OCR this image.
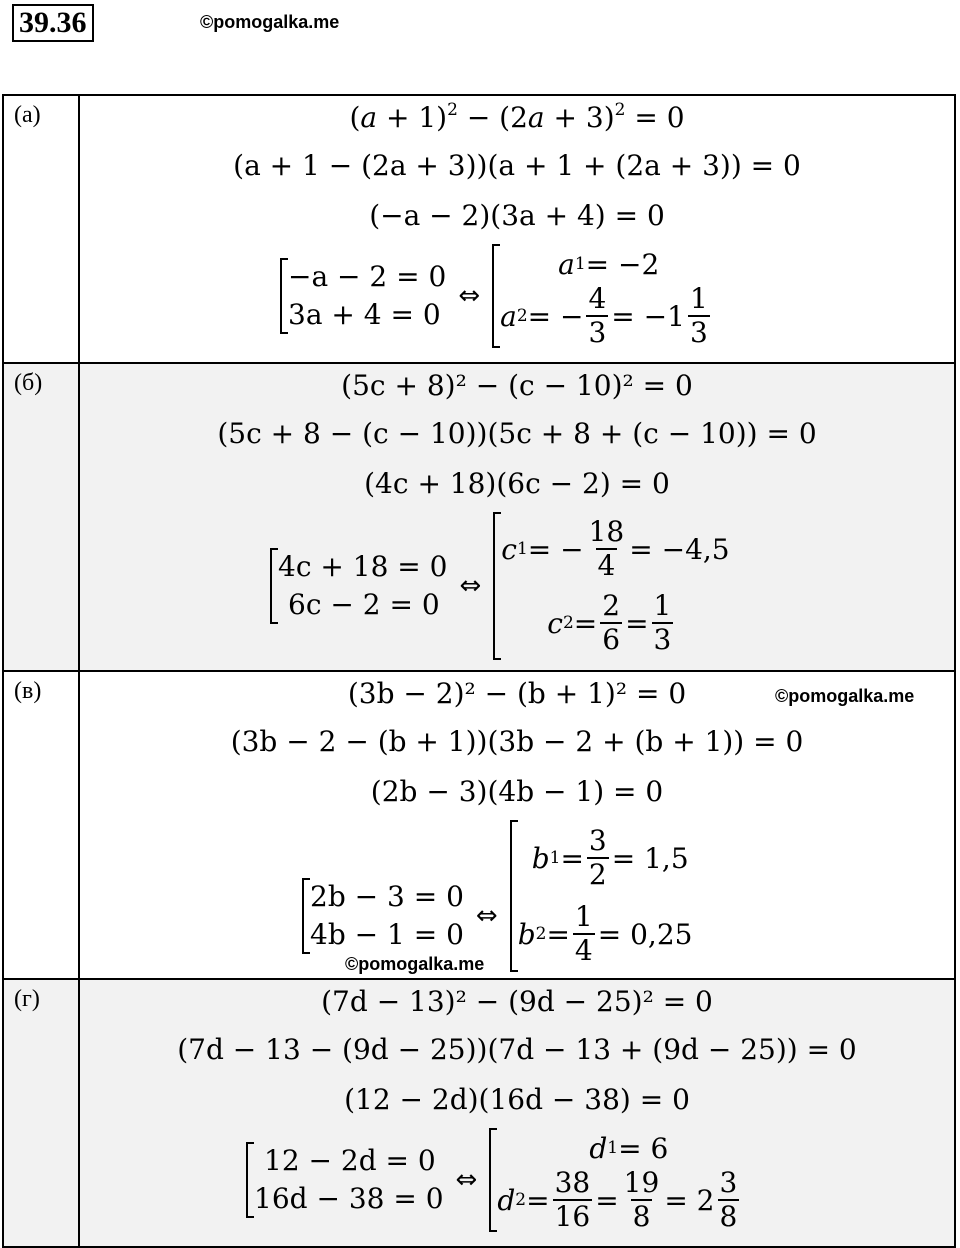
39.36	©pomogalka.me
(а)	$(a + 1)^2 - (2a + 3)^2 = 0$
(a + 1 − (2a + 3))(a + 1 + (2a + 3)) = 0
(−a − 2)(3a + 4) = 0
−a − 2 = 0
3a + 4 = 0
⇔
a 1 = −2
a 2 = − $\frac{4}{3} = -1 \frac{1}{3}$
(б)	(5c + 8)² − (c − 10)² = 0
(5c + 8 − (c − 10))(5c + 8 + (c − 10)) = 0
(4c + 18)(6c − 2) = 0
4c + 18 = 0
6c − 2 = 0
⇔
c 1 = − $\frac{18}{4} = -4,5$
c $2 = \frac{2}{6} = \frac{1}{3}$
(в)	(3b − 2)² − (b + 1)² = 0
(3b − 2 − (b + 1))(3b − 2 + (b + 1)) = 0
(2b − 3)(4b − 1) = 0
2b − 3 = 0
4b − 1 = 0
⇔
b $1 = \frac{3}{2} = 1,5$
b $2 = \frac{1}{4} = 0,25$
(г)	(7d − 13)² − (9d − 25)² = 0
(7d − 13 − (9d − 25))(7d − 13 + (9d − 25)) = 0
(12 − 2d)(16d − 38) = 0
12 − 2d = 0
16d − 38 = 0
⇔
d 1 = 6
d $2 = \frac{38}{16} = \frac{19}{8} = 2 \frac{3}{8}$
©pomogalka.me
©pomogalka.me
